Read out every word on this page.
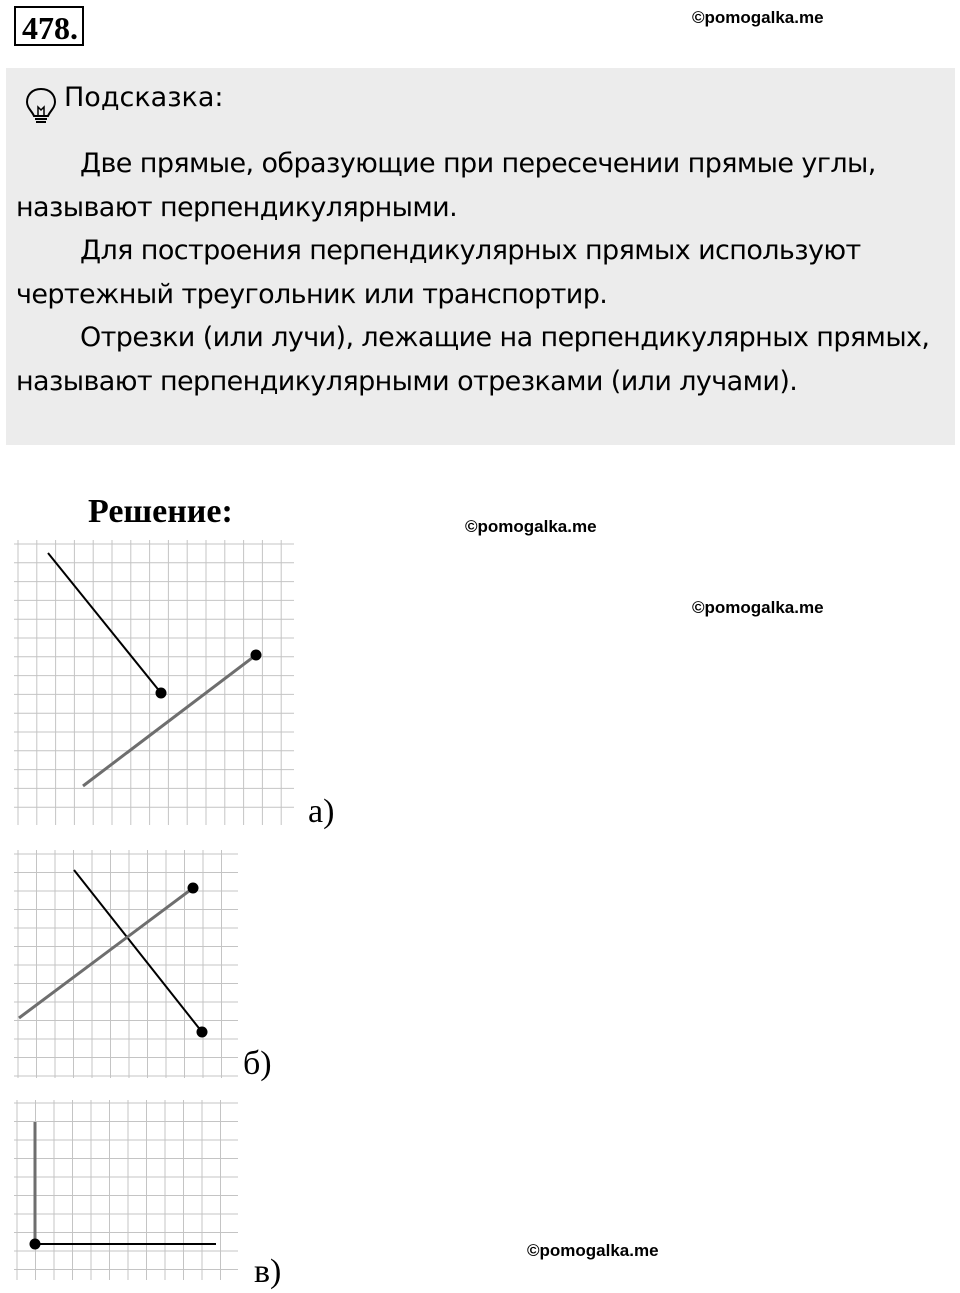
478.	©pomogalka.me
Подсказка:

Две прямые, образующие при пересечении прямые углы, называют перпендикулярными.

Для построения перпендикулярных прямых используют чертежный треугольник или транспортир.

Отрезки (или лучи), лежащие на перпендикулярных прямых, называют перпендикулярными отрезками (или лучами).

Решение:	©pomogalka.me
©pomogalka.me
©pomogalka.me
а)
б)
в)
